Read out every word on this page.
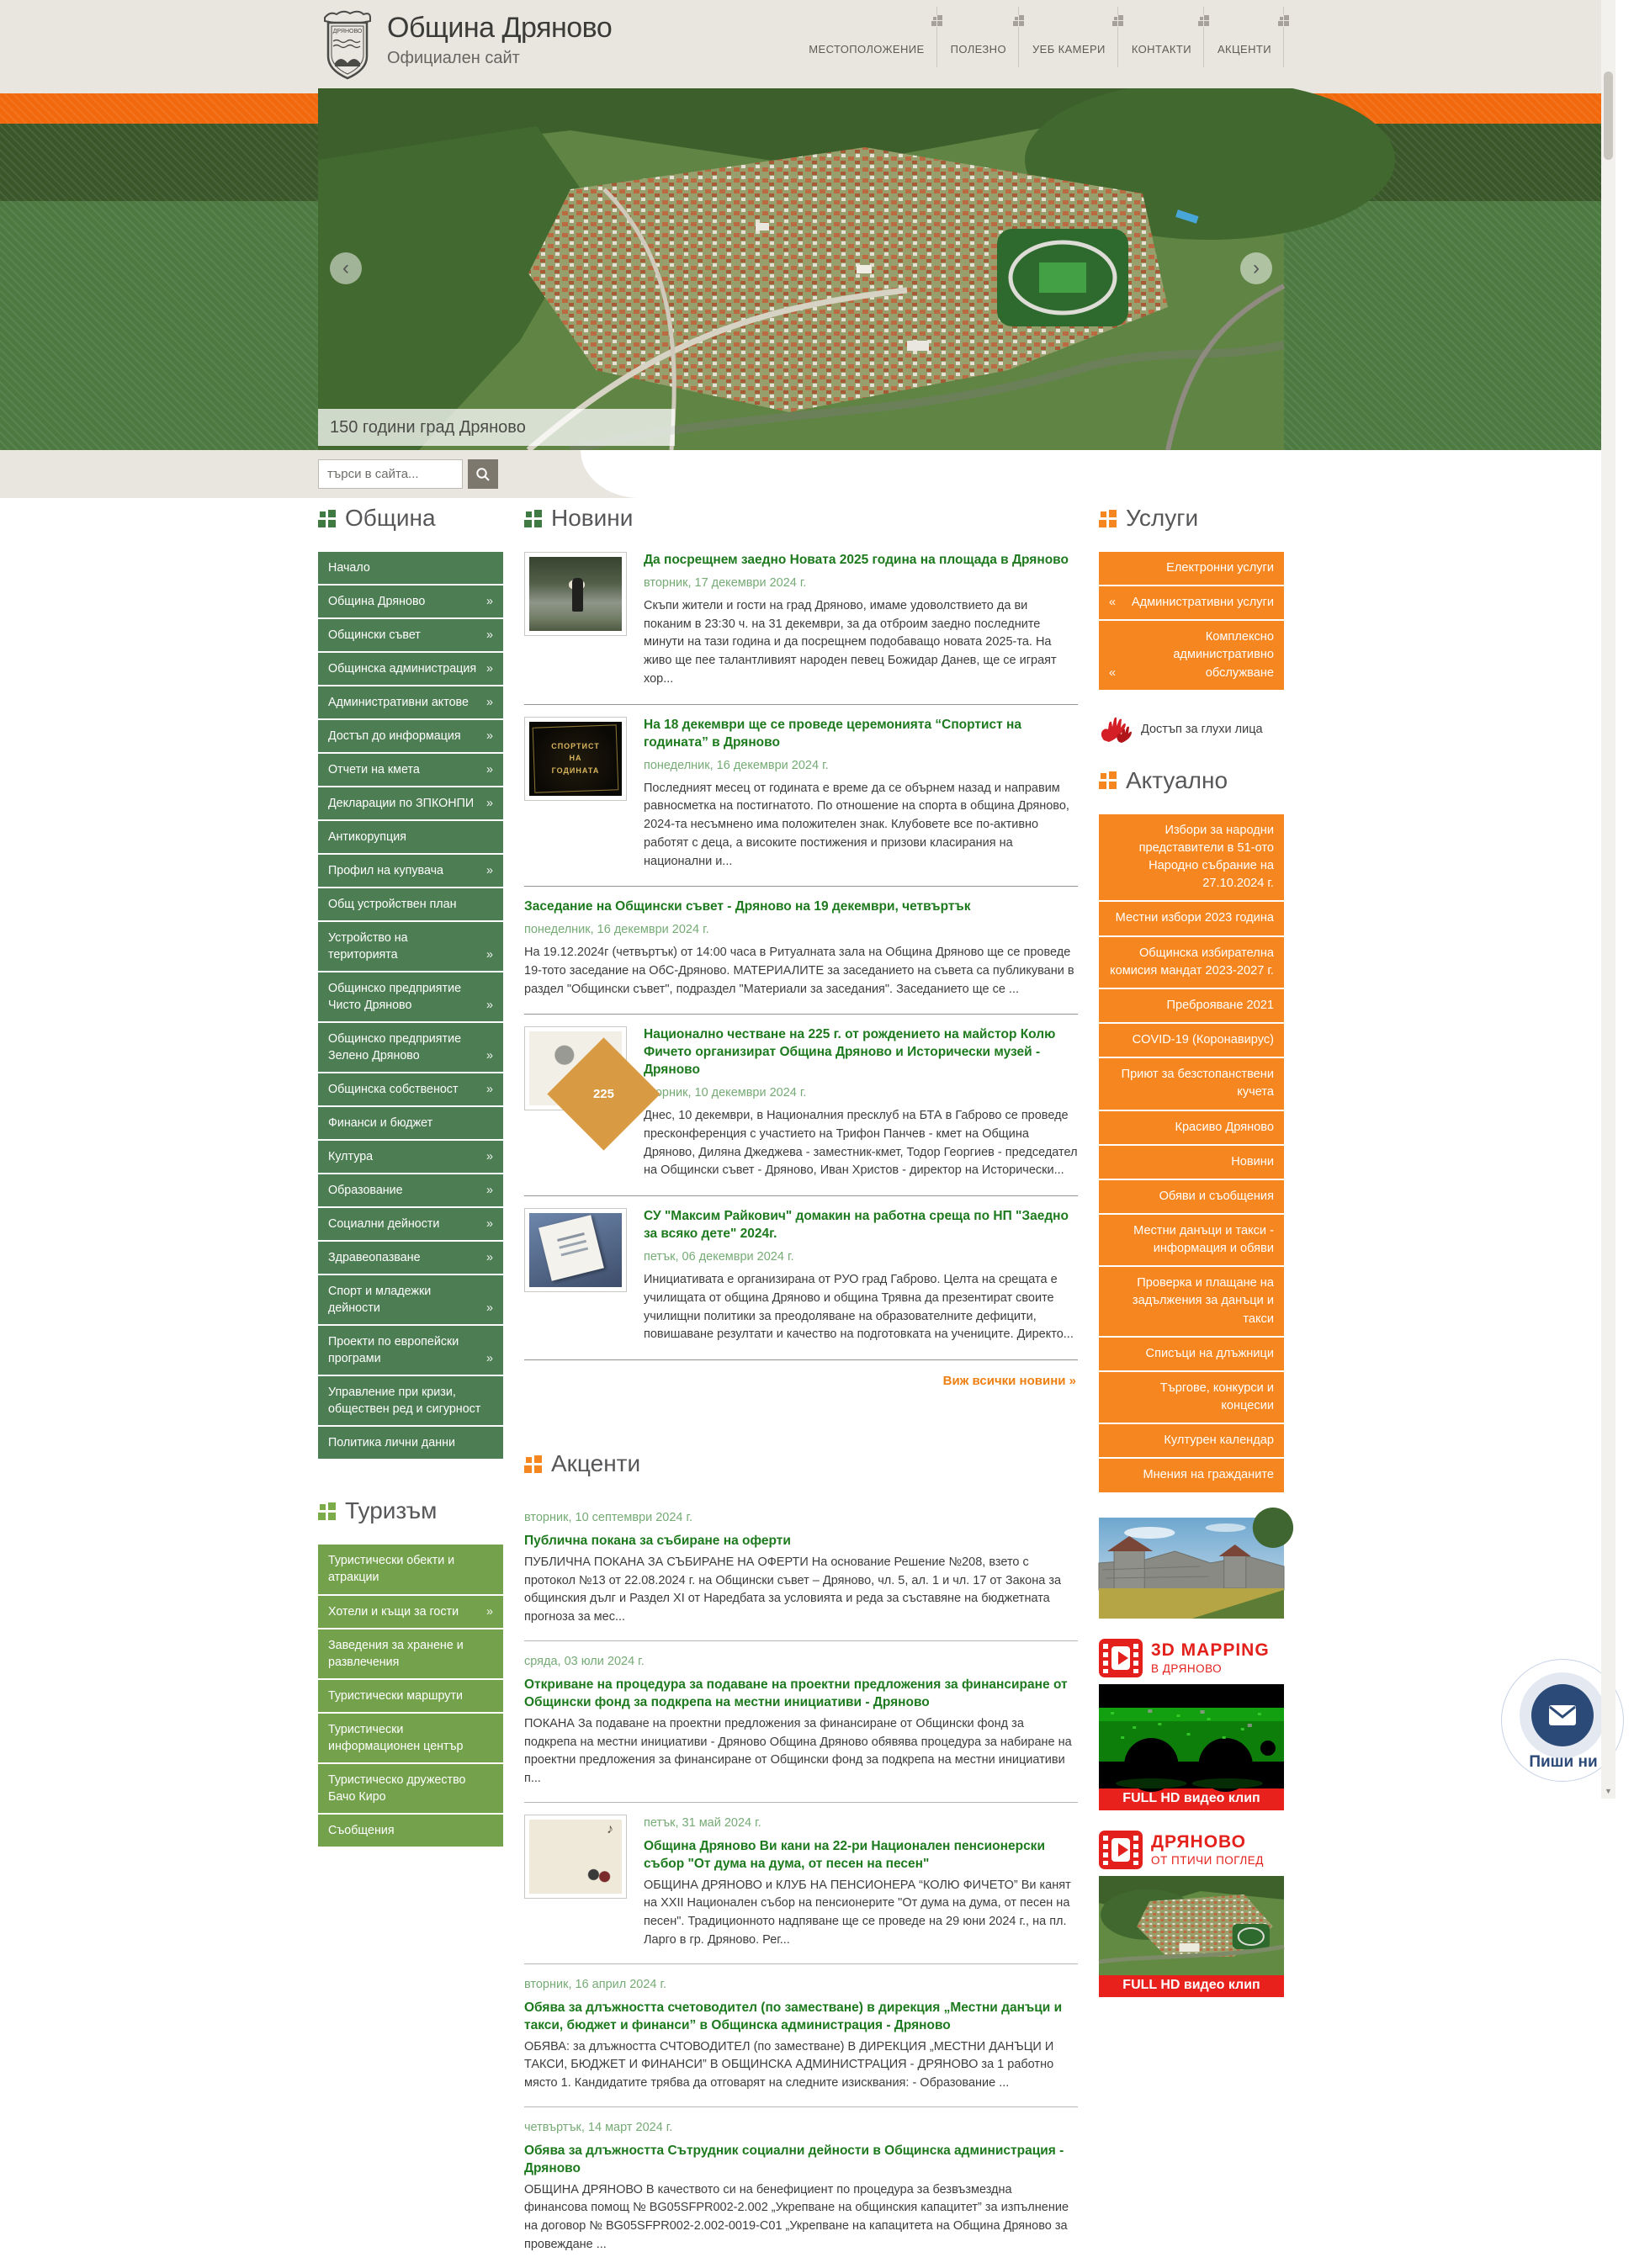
ДРЯНОВО Община Дряново
Официален сайт	МЕСТОПОЛОЖЕНИЕ	ПОЛЕЗНО	УЕБ КАМЕРИ	КОНТАКТИ	АКЦЕНТИ
‹	›
150 години град Дряново
търси в сайта...
Община
Начало
Община Дряново	»
Общински съвет	»
Общинска администрация »
Административни актове »
Достъп до информация »
Отчети на кмета	»
Декларации по ЗПКОНПИ »
Антикорупция
Профил на купувача	»
Общ устройствен план
Устройство на територията	»
Общинско предприятие Чисто Дряново	»
Общинско предприятие Зелено Дряново	»
Общинска собственост »
Финанси и бюджет
Култура	»
Образование	»
Социални дейности	»
Здравеопазване	»
Спорт и младежки дейности	»
Проекти по европейски програми	»
Управление при кризи, обществен ред и сигурност
Политика лични данни
Туризъм
Туристически обекти и атракции
Хотели и къщи за гости »
Заведения за хранене и развлечения
Туристически маршрути
Туристически информационен център
Туристическо дружество Бачо Киро
Съобщения
Новини
Да посрещнем заедно Новата 2025 година на площада в Дряново
вторник, 17 декември 2024 г.

Скъпи жители и гости на град Дряново, имаме удоволствието да ви поканим в 23:30 ч. на 31 декември, за да отброим заедно последните минути на тази година и да посрещнем подобаващо новата 2025-та. На живо ще пее талантливият народен певец Божидар Данев, ще се играят хор...

СПОРТИСТ НА ГОДИНАТА
На 18 декември ще се проведе церемонията “Спортист на годината” в Дряново
понеделник, 16 декември 2024 г.

Последният месец от годината е време да се обърнем назад и направим равносметка на постигнатото. По отношение на спорта в община Дряново, 2024-та несъмнено има положителен знак. Клубовете все по-активно работят с деца, а високите постижения и призови класирания на национални и...

Заседание на Общински съвет - Дряново на 19 декември, четвъртък
понеделник, 16 декември 2024 г.

На 19.12.2024г (четвъртък) от 14:00 часа в Ритуалната зала на Община Дряново ще се проведе 19-тото заседание на ОбС-Дряново. МАТЕРИАЛИТЕ за заседанието на съвета са публикувани в раздел "Общински съвет", подраздел "Материали за заседания". Заседанието ще се ...

225
Национално честване на 225 г. от рождението на майстор Колю Фичето организират Община Дряново и Исторически музей - Дряново
вторник, 10 декември 2024 г.

Днес, 10 декември, в Националния пресклуб на БТА в Габрово се проведе пресконференция с участието на Трифон Панчев - кмет на Община Дряново, Диляна Джеджева - заместник-кмет, Тодор Георгиев - председател на Общински съвет - Дряново, Иван Христов - директор на Исторически...

СУ "Максим Райкович" домакин на работна среща по НП "Заедно за всяко дете" 2024г.
петък, 06 декември 2024 г.

Инициативата е организирана от РУО град Габрово. Целта на срещата е училищата от община Дряново и община Трявна да презентират своите училищни политики за преодоляване на образователните дефицити, повишаване резултати и качество на подготовката на учениците. Директо...

Виж всички новини »
Акценти
вторник, 10 септември 2024 г.
Публична покана за събиране на оферти

ПУБЛИЧНА ПОКАНА ЗА СЪБИРАНЕ НА ОФЕРТИ На основание Решение №208, взето с протокол №13 от 22.08.2024 г. на Общински съвет – Дряново, чл. 5, ал. 1 и чл. 17 от Закона за общинския дълг и Раздел XI от Наредбата за условията и реда за съставяне на бюджетната прогноза за мес...

сряда, 03 юли 2024 г.
Откриване на процедура за подаване на проектни предложения за финансиране от Общински фонд за подкрепа на местни инициативи - Дряново

ПОКАНА За подаване на проектни предложения за финансиране от Общински фонд за подкрепа на местни инициативи - Дряново Община Дряново обявява процедура за набиране на проектни предложения за финансиране от Общински фонд за подкрепа на местни инициативи п...

♪
петък, 31 май 2024 г.
Община Дряново Ви кани на 22-ри Национален пенсионерски събор "От дума на дума, от песен на песен"

ОБЩИНА ДРЯНОВО и КЛУБ НА ПЕНСИОНЕРА “КОЛЮ ФИЧЕТО” Ви канят на XXII Национален събор на пенсионерите "От дума на дума, от песен на песен". Традиционното надпяване ще се проведе на 29 юни 2024 г., на пл. Ларго в гр. Дряново. Рег...

вторник, 16 април 2024 г.
Обява за длъжността счетоводител (по заместване) в дирекция „Местни данъци и такси, бюджет и финанси” в Общинска администрация - Дряново

ОБЯВА: за длъжността СЧТОВОДИТЕЛ (по заместване) В ДИРЕКЦИЯ „МЕСТНИ ДАНЪЦИ И ТАКСИ, БЮДЖЕТ И ФИНАНСИ” В ОБЩИНСКА АДМИНИСТРАЦИЯ - ДРЯНОВО за 1 работно място 1. Кандидатите трябва да отговарят на следните изисквания: - Образование ...

четвъртък, 14 март 2024 г.
Обява за длъжността Сътрудник социални дейности в Общинска администрация - Дряново

ОБЩИНА ДРЯНОВО В качеството си на бенефициент по процедура за безвъзмездна финансова помощ № BG05SFPR002-2.002 „Укрепване на общинския капацитет” за изпълнение на договор № BG05SFPR002-2.002-0019-C01 „Укрепване на капацитета на Община Дряново за провеждане ...

Услуги
Електронни услуги
« Административни услуги
«
Комплексно административно обслужване
Достъп за глухи лица
Актуално
Избори за народни представители в 51-ото Народно събрание на 27.10.2024 г.
Местни избори 2023 година
Общинска избирателна комисия мандат 2023-2027 г.
Преброяване 2021
COVID-19 (Коронавирус)
Приют за безстопанствени кучета
Красиво Дряново
Новини
Обяви и съобщения
Местни данъци и такси - информация и обяви
Проверка и плащане на задължения за данъци и такси
Списъци на длъжници
Търгове, конкурси и концесии
Културен календар
Мнения на гражданите
3D MAPPING
В ДРЯНОВО
FULL HD видео клип
ДРЯНОВО
ОТ ПТИЧИ ПОГЛЕД
FULL HD видео клип
Пиши ни
▼
